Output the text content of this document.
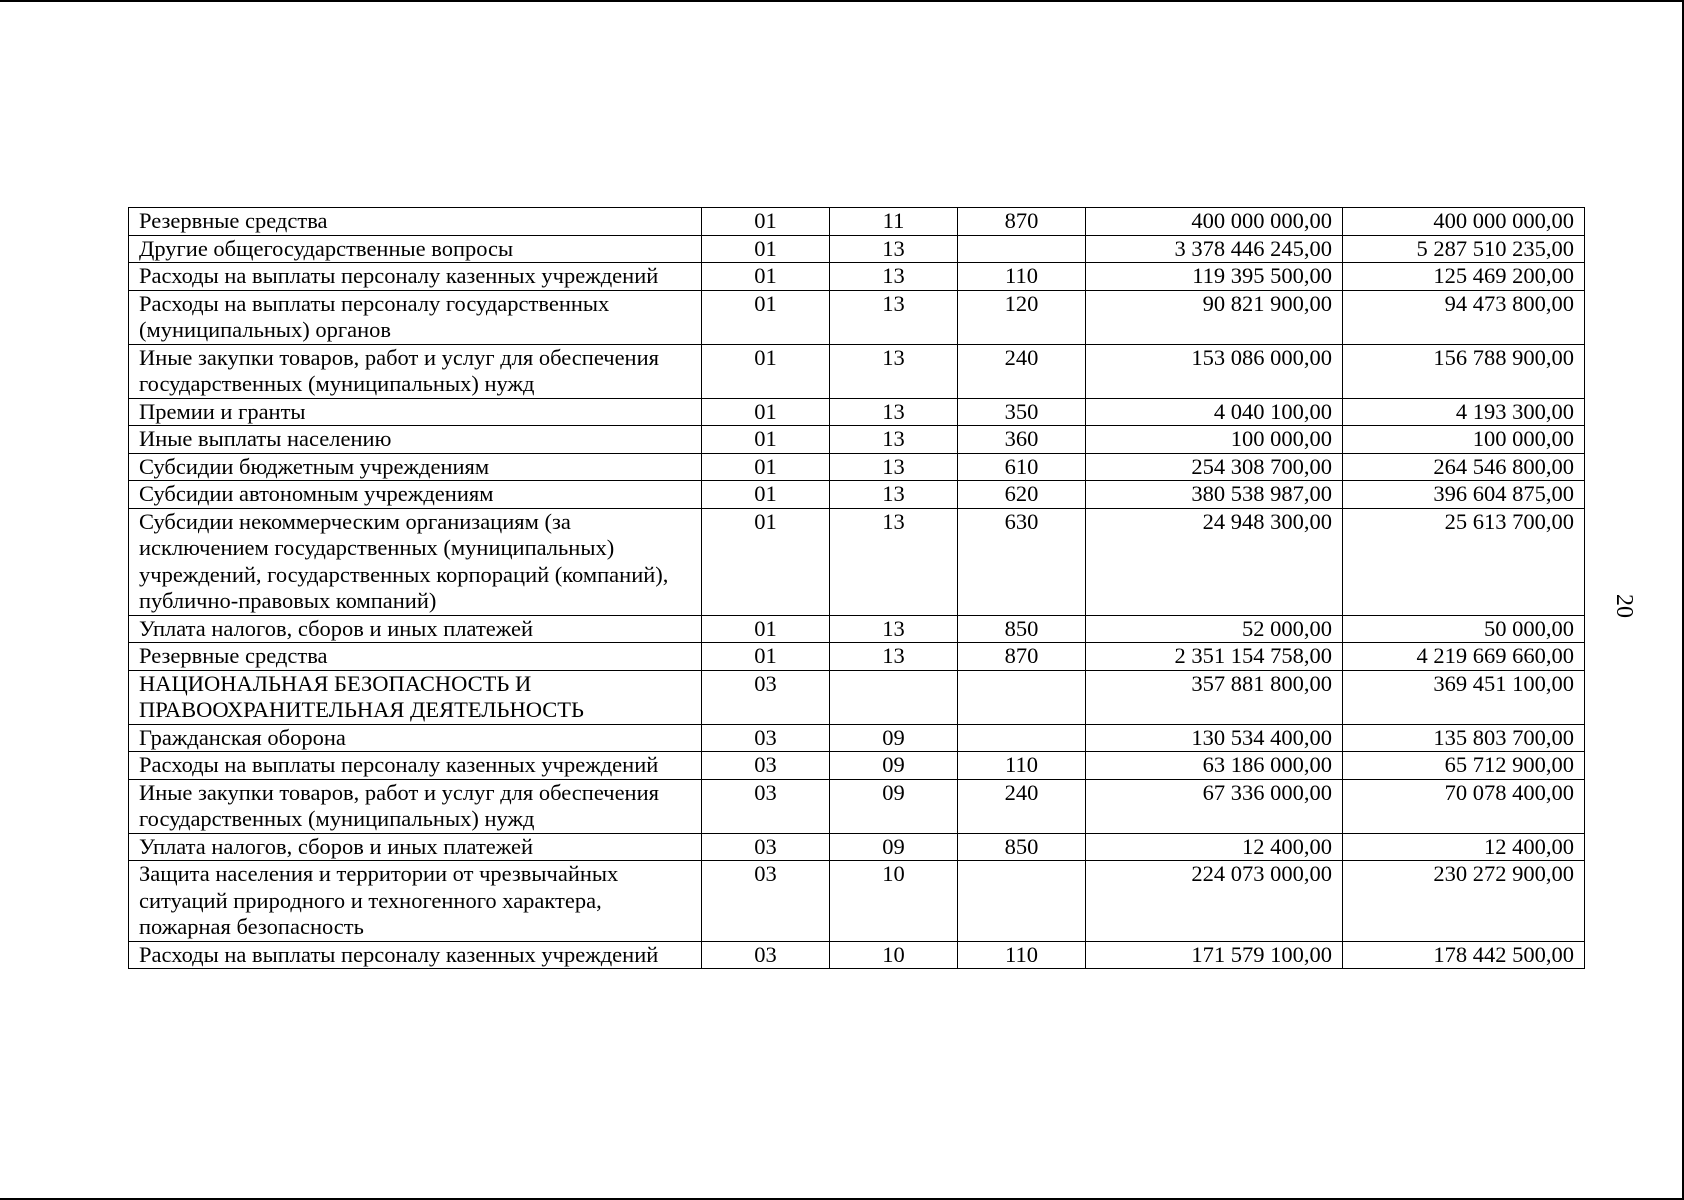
20
Резервные средства	01	11	870	400 000 000,00	400 000 000,00
Другие общегосударственные вопросы	01	13		3 378 446 245,00	5 287 510 235,00
Расходы на выплаты персоналу казенных учреждений	01	13	110	119 395 500,00	125 469 200,00
Расходы на выплаты персоналу государственных (муниципальных) органов	01	13	120	90 821 900,00	94 473 800,00
Иные закупки товаров, работ и услуг для обеспечения государственных (муниципальных) нужд	01	13	240	153 086 000,00	156 788 900,00
Премии и гранты	01	13	350	4 040 100,00	4 193 300,00
Иные выплаты населению	01	13	360	100 000,00	100 000,00
Субсидии бюджетным учреждениям	01	13	610	254 308 700,00	264 546 800,00
Субсидии автономным учреждениям	01	13	620	380 538 987,00	396 604 875,00
Субсидии некоммерческим организациям (за исключением государственных (муниципальных) учреждений, государственных корпораций (компаний), публично-правовых компаний)	01	13	630	24 948 300,00	25 613 700,00
Уплата налогов, сборов и иных платежей	01	13	850	52 000,00	50 000,00
Резервные средства	01	13	870	2 351 154 758,00	4 219 669 660,00
НАЦИОНАЛЬНАЯ БЕЗОПАСНОСТЬ И ПРАВООХРАНИТЕЛЬНАЯ ДЕЯТЕЛЬНОСТЬ	03			357 881 800,00	369 451 100,00
Гражданская оборона	03	09		130 534 400,00	135 803 700,00
Расходы на выплаты персоналу казенных учреждений	03	09	110	63 186 000,00	65 712 900,00
Иные закупки товаров, работ и услуг для обеспечения государственных (муниципальных) нужд	03	09	240	67 336 000,00	70 078 400,00
Уплата налогов, сборов и иных платежей	03	09	850	12 400,00	12 400,00
Защита населения и территории от чрезвычайных ситуаций природного и техногенного характера, пожарная безопасность	03	10		224 073 000,00	230 272 900,00
Расходы на выплаты персоналу казенных учреждений	03	10	110	171 579 100,00	178 442 500,00
